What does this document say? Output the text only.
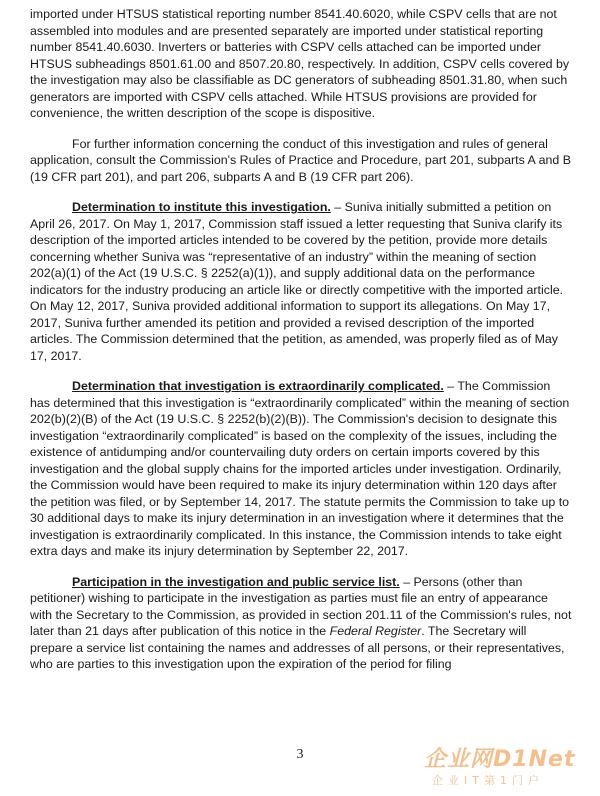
imported under HTSUS statistical reporting number 8541.40.6020, while CSPV cells that are not assembled into modules and are presented separately are imported under statistical reporting number 8541.40.6030. Inverters or batteries with CSPV cells attached can be imported under HTSUS subheadings 8501.61.00 and 8507.20.80, respectively. In addition, CSPV cells covered by the investigation may also be classifiable as DC generators of subheading 8501.31.80, when such generators are imported with CSPV cells attached. While HTSUS provisions are provided for convenience, the written description of the scope is dispositive.

For further information concerning the conduct of this investigation and rules of general application, consult the Commission's Rules of Practice and Procedure, part 201, subparts A and B (19 CFR part 201), and part 206, subparts A and B (19 CFR part 206).

Determination to institute this investigation. – Suniva initially submitted a petition on April 26, 2017. On May 1, 2017, Commission staff issued a letter requesting that Suniva clarify its description of the imported articles intended to be covered by the petition, provide more details concerning whether Suniva was “representative of an industry” within the meaning of section 202(a)(1) of the Act (19 U.S.C. § 2252(a)(1)), and supply additional data on the performance indicators for the industry producing an article like or directly competitive with the imported article. On May 12, 2017, Suniva provided additional information to support its allegations. On May 17, 2017, Suniva further amended its petition and provided a revised description of the imported articles. The Commission determined that the petition, as amended, was properly filed as of May 17, 2017.

Determination that investigation is extraordinarily complicated. – The Commission has determined that this investigation is “extraordinarily complicated” within the meaning of section 202(b)(2)(B) of the Act (19 U.S.C. § 2252(b)(2)(B)). The Commission's decision to designate this investigation “extraordinarily complicated” is based on the complexity of the issues, including the existence of antidumping and/or countervailing duty orders on certain imports covered by this investigation and the global supply chains for the imported articles under investigation. Ordinarily, the Commission would have been required to make its injury determination within 120 days after the petition was filed, or by September 14, 2017. The statute permits the Commission to take up to 30 additional days to make its injury determination in an investigation where it determines that the investigation is extraordinarily complicated. In this instance, the Commission intends to take eight extra days and make its injury determination by September 22, 2017.

Participation in the investigation and public service list. – Persons (other than petitioner) wishing to participate in the investigation as parties must file an entry of appearance with the Secretary to the Commission, as provided in section 201.11 of the Commission's rules, not later than 21 days after publication of this notice in the Federal Register. The Secretary will prepare a service list containing the names and addresses of all persons, or their representatives, who are parties to this investigation upon the expiration of the period for filing

3	企业网D1Net
企业IT第1门户
